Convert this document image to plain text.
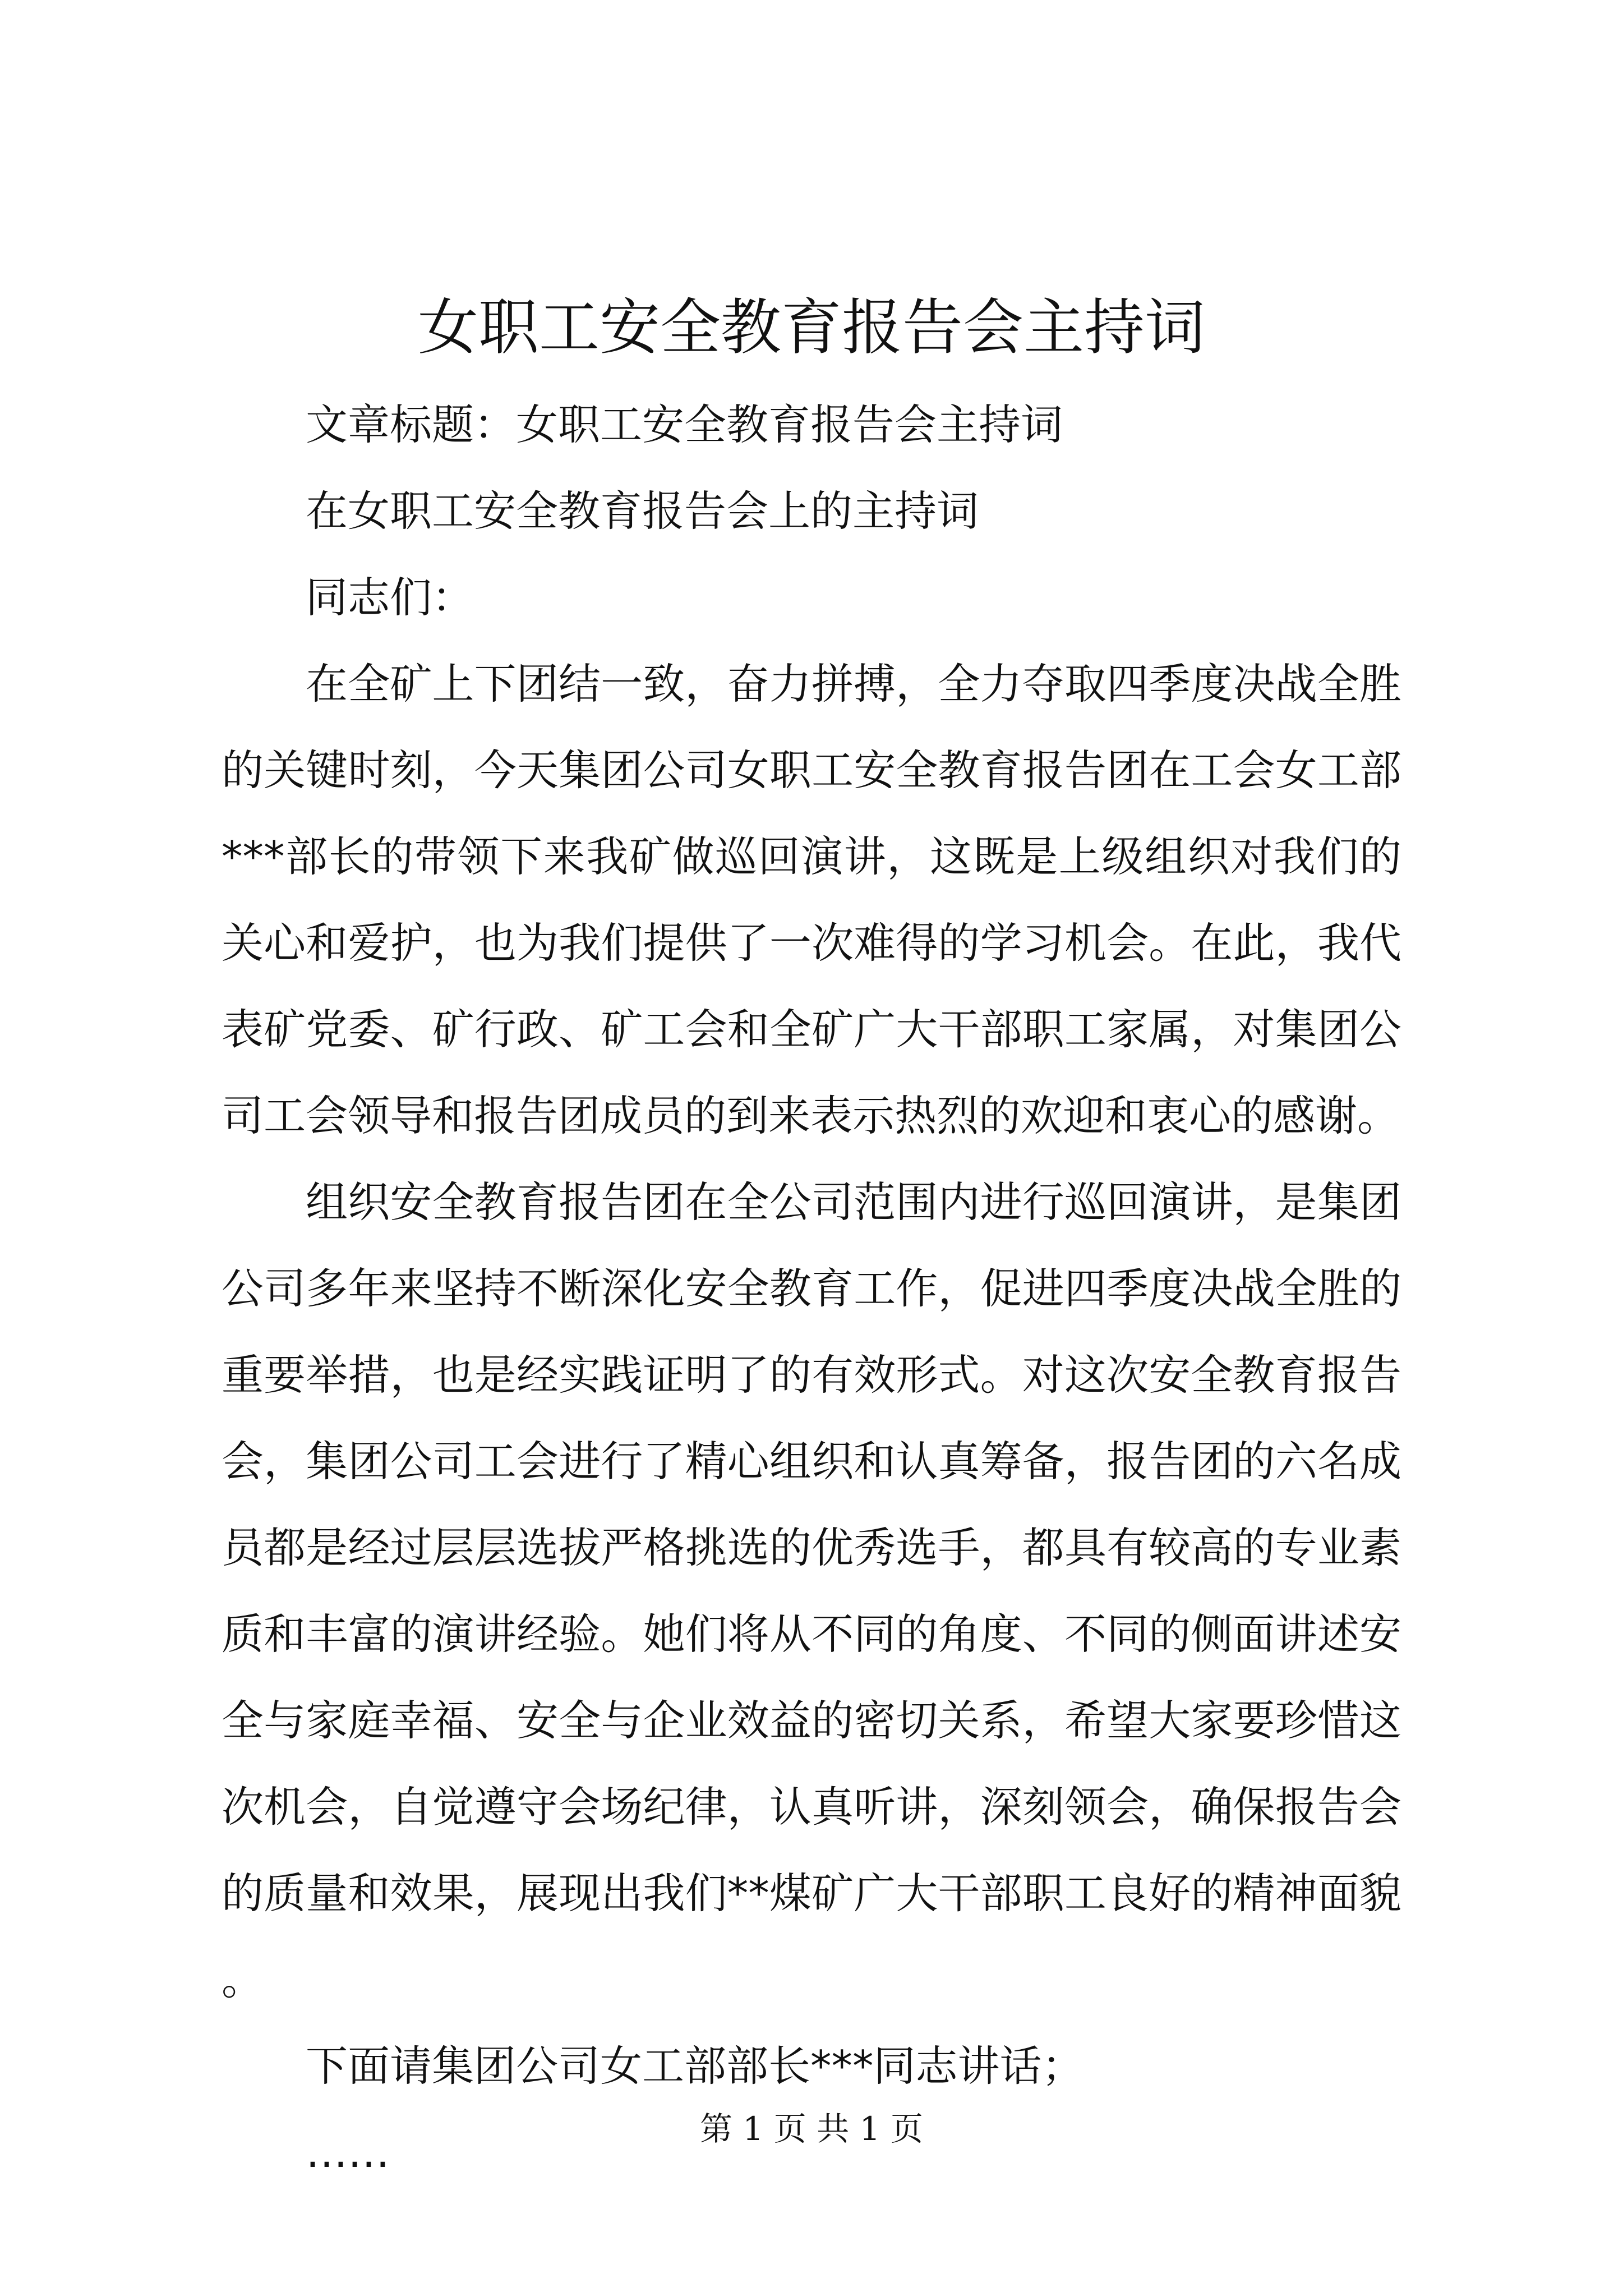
女职工安全教育报告会主持词

文章标题：女职工安全教育报告会主持词

在女职工安全教育报告会上的主持词

同志们：

在全矿上下团结一致，奋力拼搏，全力夺取四季度决战全胜的关键时刻，今天集团公司女职工安全教育报告团在工会女工部***部长的带领下来我矿做巡回演讲，这既是上级组织对我们的关心和爱护，也为我们提供了一次难得的学习机会。在此，我代表矿党委、矿行政、矿工会和全矿广大干部职工家属，对集团公司工会领导和报告团成员的到来表示热烈的欢迎和衷心的感谢。

组织安全教育报告团在全公司范围内进行巡回演讲，是集团公司多年来坚持不断深化安全教育工作，促进四季度决战全胜的重要举措，也是经实践证明了的有效形式。对这次安全教育报告会，集团公司工会进行了精心组织和认真筹备，报告团的六名成员都是经过层层选拔严格挑选的优秀选手，都具有较高的专业素质和丰富的演讲经验。她们将从不同的角度、不同的侧面讲述安全与家庭幸福、安全与企业效益的密切关系，希望大家要珍惜这次机会，自觉遵守会场纪律，认真听讲，深刻领会，确保报告会的质量和效果，展现出我们**煤矿广大干部职工良好的精神面貌。

下面请集团公司女工部部长***同志讲话；

……	第 1 页 共 1 页
